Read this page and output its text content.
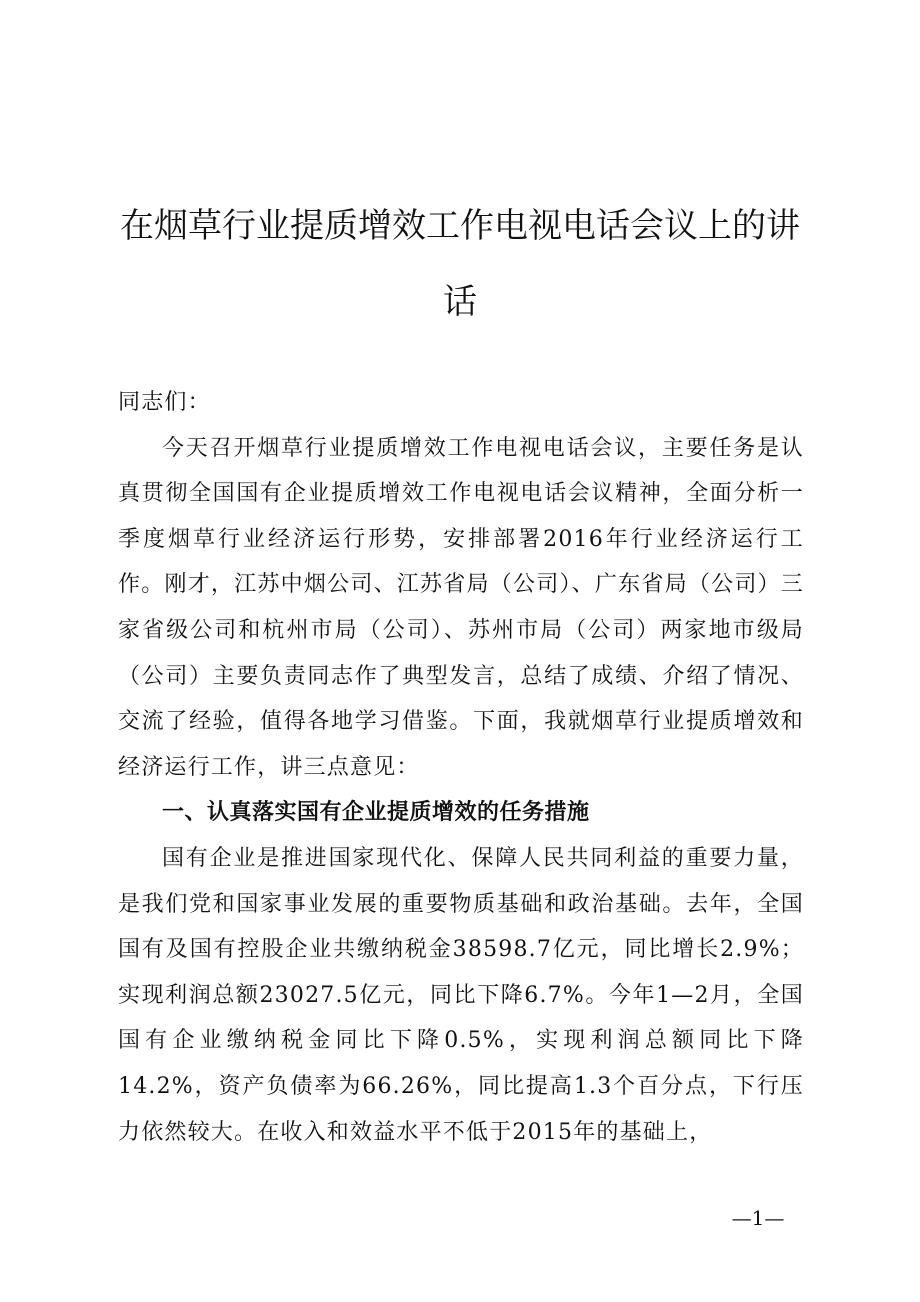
在烟草行业提质增效工作电视电话会议上的讲话

同志们：

今天召开烟草行业提质增效工作电视电话会议，主要任务是认真贯彻全国国有企业提质增效工作电视电话会议精神，全面分析一季度烟草行业经济运行形势，安排部署2016年行业经济运行工作。刚才，江苏中烟公司、江苏省局（公司）、广东省局（公司）三家省级公司和杭州市局（公司）、苏州市局（公司）两家地市级局（公司）主要负责同志作了典型发言，总结了成绩、介绍了情况、交流了经验，值得各地学习借鉴。下面，我就烟草行业提质增效和经济运行工作，讲三点意见：

一、认真落实国有企业提质增效的任务措施

国有企业是推进国家现代化、保障人民共同利益的重要力量，是我们党和国家事业发展的重要物质基础和政治基础。去年，全国国有及国有控股企业共缴纳税金38598.7亿元，同比增长2.9%；实现利润总额23027.5亿元，同比下降6.7%。今年1—2月，全国国有企业缴纳税金同比下降0.5%，实现利润总额同比下降14.2%，资产负债率为66.26%，同比提高1.3个百分点，下行压力依然较大。在收入和效益水平不低于2015年的基础上，

—1—
